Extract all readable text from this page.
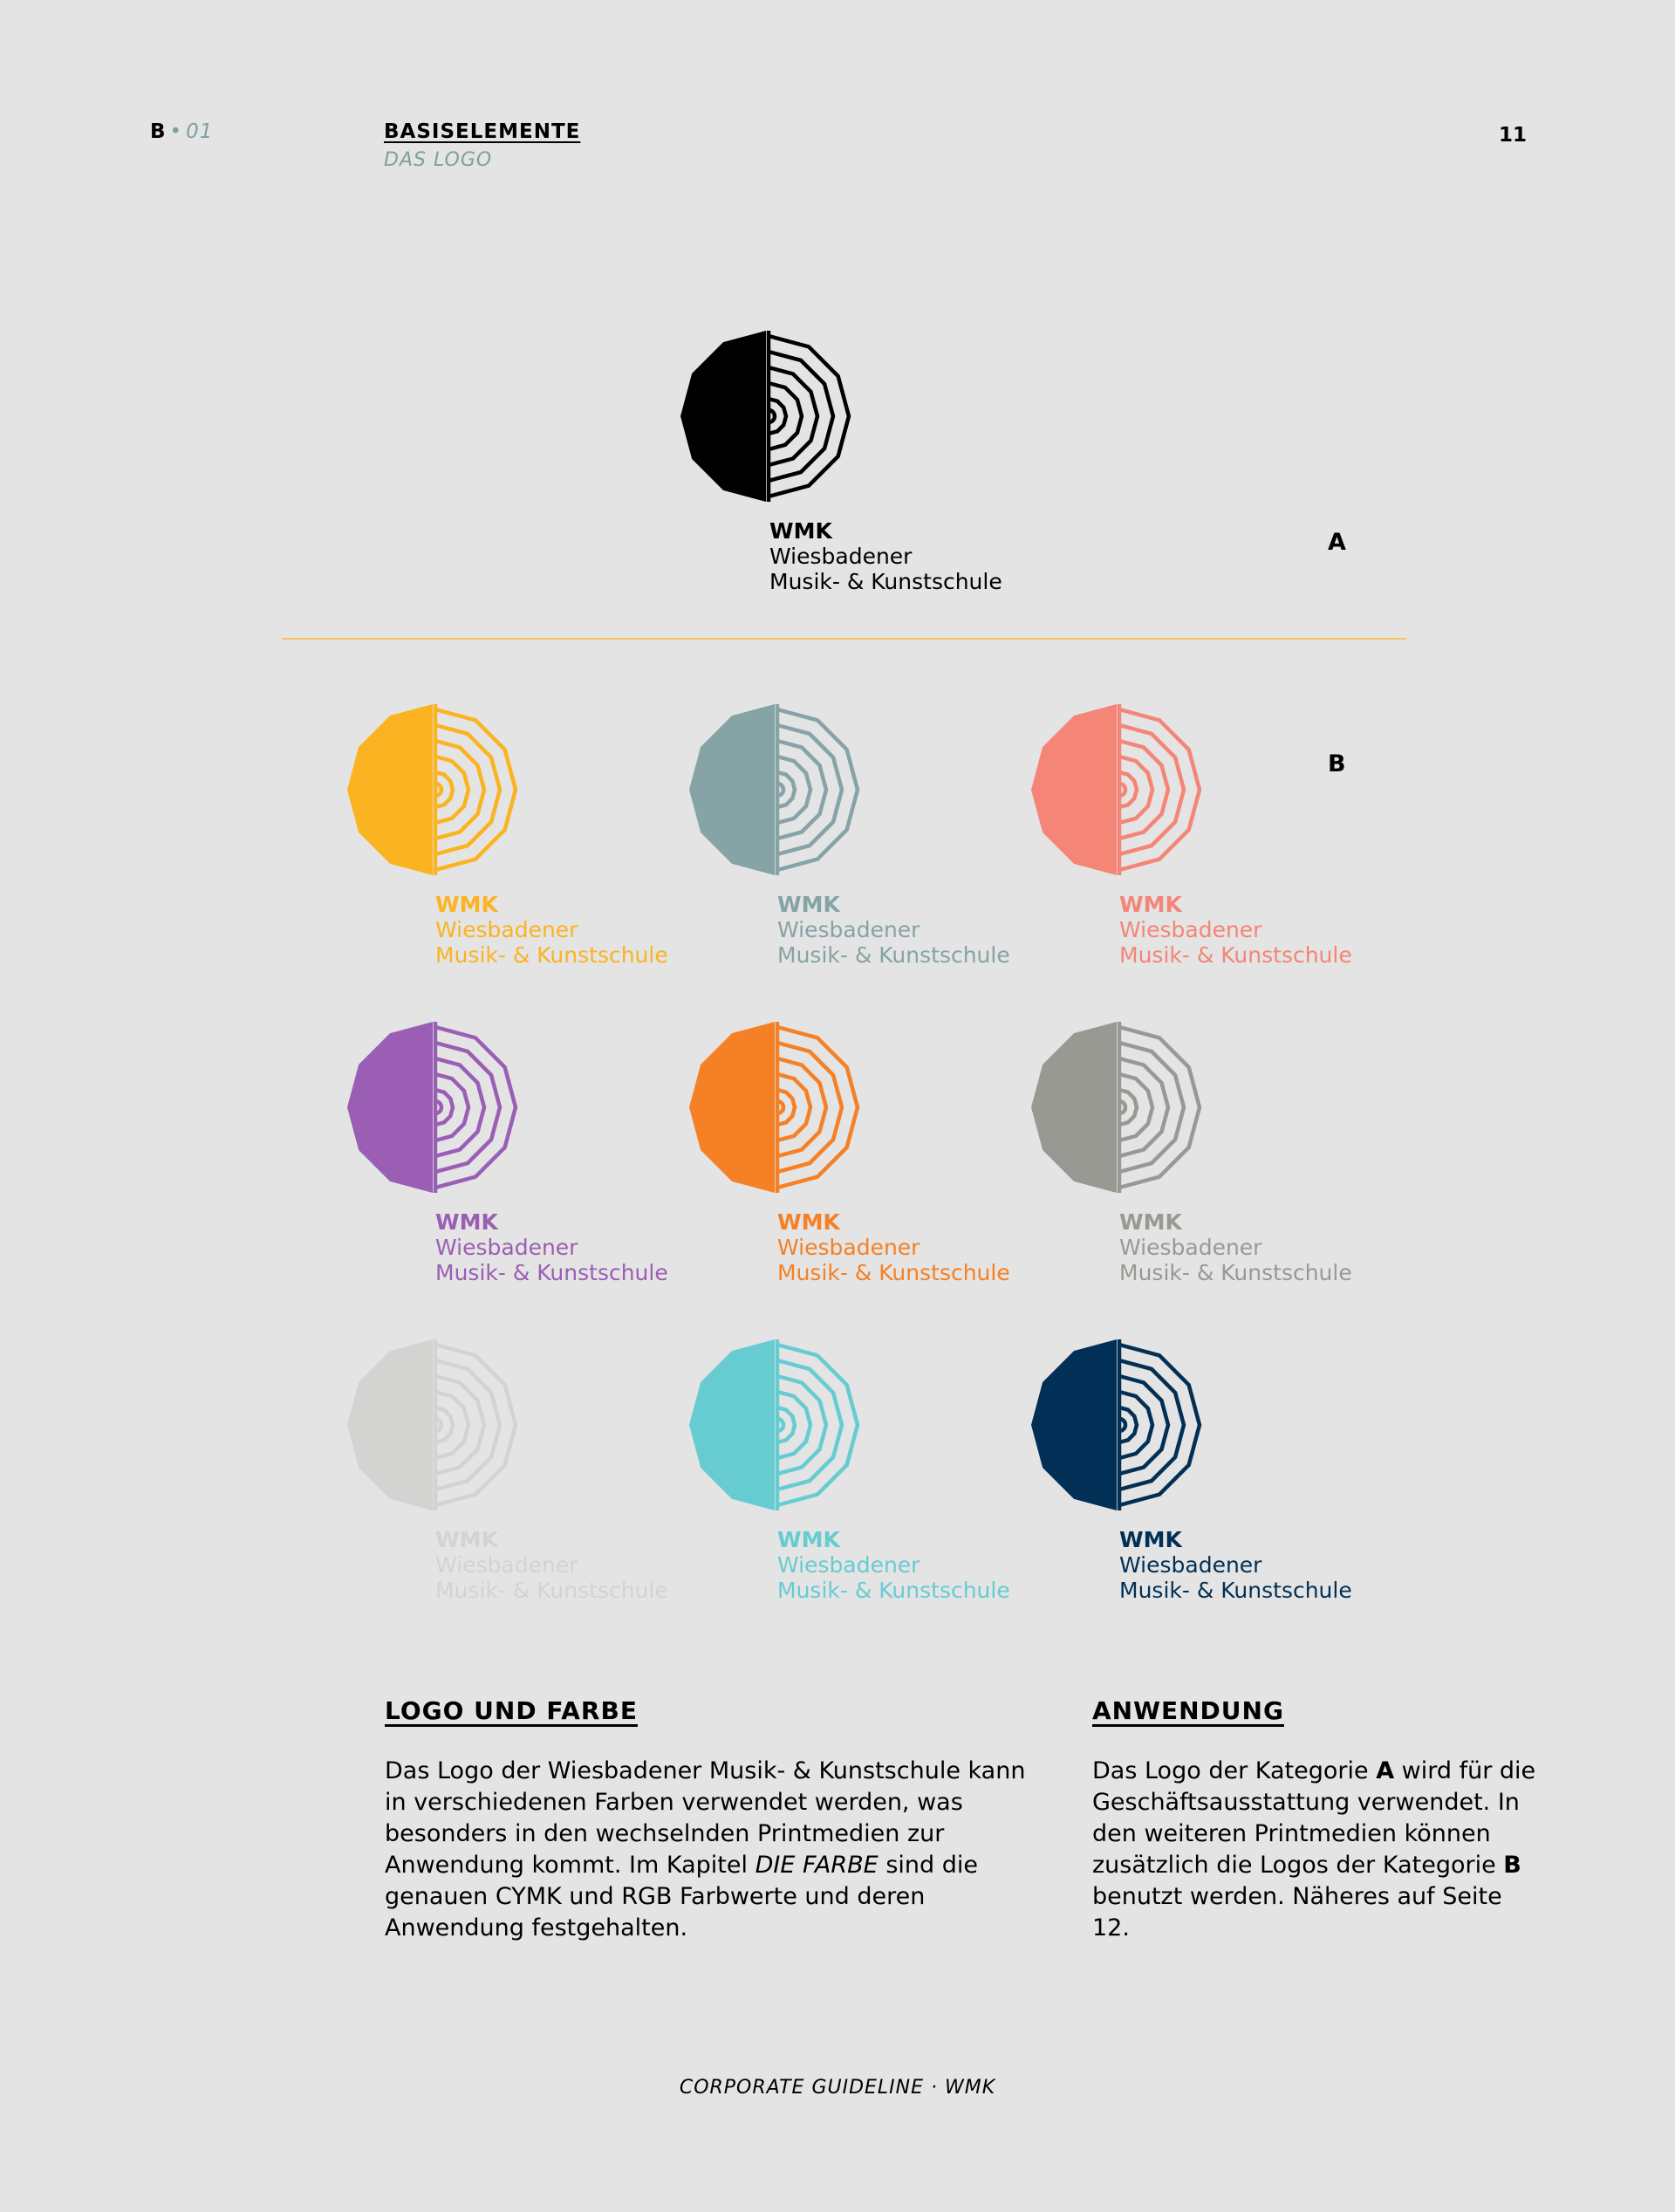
B • 01	BASISELEMENTE
DAS LOGO
11
WMK
Wiesbadener
Musik- & Kunstschule
A
B
WMK
Wiesbadener
Musik- & Kunstschule
WMK
Wiesbadener
Musik- & Kunstschule
WMK
Wiesbadener
Musik- & Kunstschule
WMK
Wiesbadener
Musik- & Kunstschule
WMK
Wiesbadener
Musik- & Kunstschule
WMK
Wiesbadener
Musik- & Kunstschule
WMK
Wiesbadener
Musik- & Kunstschule
WMK
Wiesbadener
Musik- & Kunstschule
WMK
Wiesbadener
Musik- & Kunstschule
LOGO UND FARBE
Das Logo der Wiesbadener Musik- & Kunstschule kann in verschiedenen Farben verwendet werden, was besonders in den wechselnden Printmedien zur Anwendung kommt. Im Kapitel DIE FARBE sind die genauen CYMK und RGB Farbwerte und deren Anwendung festgehalten.
ANWENDUNG
Das Logo der Kategorie A wird für die Geschäftsausstattung verwendet. In den weiteren Printmedien können zusätzlich die Logos der Kategorie B benutzt werden. Näheres auf Seite 12.
CORPORATE GUIDELINE · WMK
